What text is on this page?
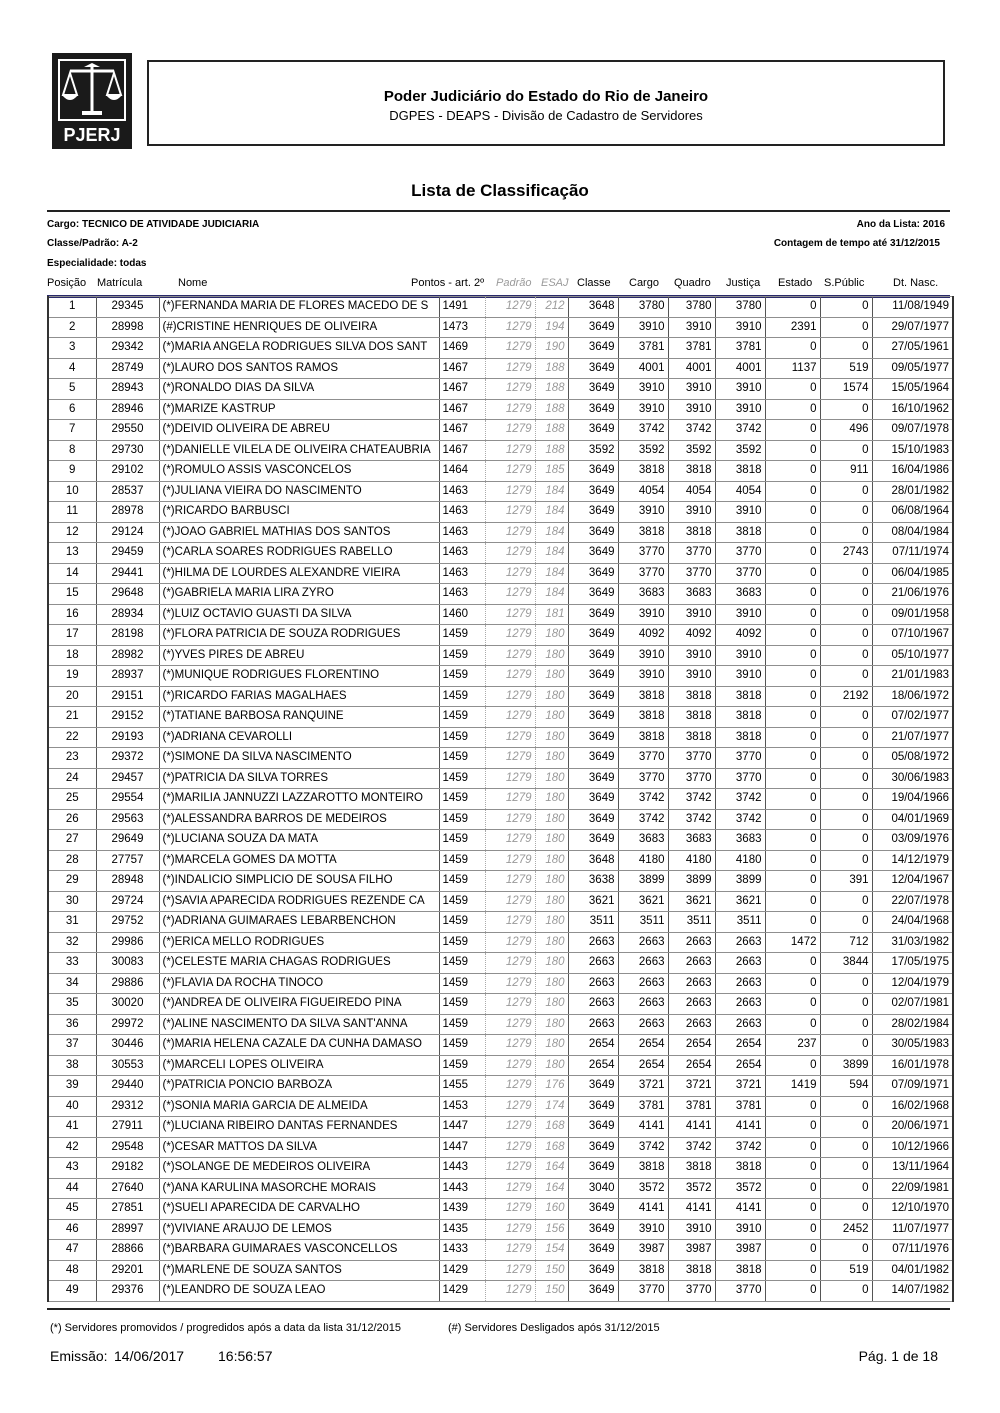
PJERJ
Poder Judiciário do Estado do Rio de Janeiro
DGPES - DEAPS - Divisão de Cadastro de Servidores
Lista de Classificação
Cargo: TECNICO DE ATIVIDADE JUDICIARIA	Ano da Lista: 2016
Classe/Padrão: A-2	Contagem de tempo até 31/12/2015
Especialidade: todas
Posição Matrícula	Nome	Pontos - art. 2º Padrão ESAJ Classe Cargo Quadro Justiça Estado S.Públic	Dt. Nasc.
1	29345	(*)FERNANDA MARIA DE FLORES MACEDO DE S	1491	1279	212	3648	3780	3780	3780	0	0	11/08/1949
2	28998	(#)CRISTINE HENRIQUES DE OLIVEIRA	1473	1279	194	3649	3910	3910	3910	2391	0	29/07/1977
3	29342	(*)MARIA ANGELA RODRIGUES SILVA DOS SANT	1469	1279	190	3649	3781	3781	3781	0	0	27/05/1961
4	28749	(*)LAURO DOS SANTOS RAMOS	1467	1279	188	3649	4001	4001	4001	1137	519	09/05/1977
5	28943	(*)RONALDO DIAS DA SILVA	1467	1279	188	3649	3910	3910	3910	0	1574	15/05/1964
6	28946	(*)MARIZE KASTRUP	1467	1279	188	3649	3910	3910	3910	0	0	16/10/1962
7	29550	(*)DEIVID OLIVEIRA DE ABREU	1467	1279	188	3649	3742	3742	3742	0	496	09/07/1978
8	29730	(*)DANIELLE VILELA DE OLIVEIRA CHATEAUBRIA	1467	1279	188	3592	3592	3592	3592	0	0	15/10/1983
9	29102	(*)ROMULO ASSIS VASCONCELOS	1464	1279	185	3649	3818	3818	3818	0	911	16/04/1986
10	28537	(*)JULIANA VIEIRA DO NASCIMENTO	1463	1279	184	3649	4054	4054	4054	0	0	28/01/1982
11	28978	(*)RICARDO BARBUSCI	1463	1279	184	3649	3910	3910	3910	0	0	06/08/1964
12	29124	(*)JOAO GABRIEL MATHIAS DOS SANTOS	1463	1279	184	3649	3818	3818	3818	0	0	08/04/1984
13	29459	(*)CARLA SOARES RODRIGUES RABELLO	1463	1279	184	3649	3770	3770	3770	0	2743	07/11/1974
14	29441	(*)HILMA DE LOURDES ALEXANDRE VIEIRA	1463	1279	184	3649	3770	3770	3770	0	0	06/04/1985
15	29648	(*)GABRIELA MARIA LIRA ZYRO	1463	1279	184	3649	3683	3683	3683	0	0	21/06/1976
16	28934	(*)LUIZ OCTAVIO GUASTI DA SILVA	1460	1279	181	3649	3910	3910	3910	0	0	09/01/1958
17	28198	(*)FLORA PATRICIA DE SOUZA RODRIGUES	1459	1279	180	3649	4092	4092	4092	0	0	07/10/1967
18	28982	(*)YVES PIRES DE ABREU	1459	1279	180	3649	3910	3910	3910	0	0	05/10/1977
19	28937	(*)MUNIQUE RODRIGUES FLORENTINO	1459	1279	180	3649	3910	3910	3910	0	0	21/01/1983
20	29151	(*)RICARDO FARIAS MAGALHAES	1459	1279	180	3649	3818	3818	3818	0	2192	18/06/1972
21	29152	(*)TATIANE BARBOSA RANQUINE	1459	1279	180	3649	3818	3818	3818	0	0	07/02/1977
22	29193	(*)ADRIANA CEVAROLLI	1459	1279	180	3649	3818	3818	3818	0	0	21/07/1977
23	29372	(*)SIMONE DA SILVA NASCIMENTO	1459	1279	180	3649	3770	3770	3770	0	0	05/08/1972
24	29457	(*)PATRICIA DA SILVA TORRES	1459	1279	180	3649	3770	3770	3770	0	0	30/06/1983
25	29554	(*)MARILIA JANNUZZI LAZZAROTTO MONTEIRO	1459	1279	180	3649	3742	3742	3742	0	0	19/04/1966
26	29563	(*)ALESSANDRA BARROS DE MEDEIROS	1459	1279	180	3649	3742	3742	3742	0	0	04/01/1969
27	29649	(*)LUCIANA SOUZA DA MATA	1459	1279	180	3649	3683	3683	3683	0	0	03/09/1976
28	27757	(*)MARCELA GOMES DA MOTTA	1459	1279	180	3648	4180	4180	4180	0	0	14/12/1979
29	28948	(*)INDALICIO SIMPLICIO DE SOUSA FILHO	1459	1279	180	3638	3899	3899	3899	0	391	12/04/1967
30	29724	(*)SAVIA APARECIDA RODRIGUES REZENDE CA	1459	1279	180	3621	3621	3621	3621	0	0	22/07/1978
31	29752	(*)ADRIANA GUIMARAES LEBARBENCHON	1459	1279	180	3511	3511	3511	3511	0	0	24/04/1968
32	29986	(*)ERICA MELLO RODRIGUES	1459	1279	180	2663	2663	2663	2663	1472	712	31/03/1982
33	30083	(*)CELESTE MARIA CHAGAS RODRIGUES	1459	1279	180	2663	2663	2663	2663	0	3844	17/05/1975
34	29886	(*)FLAVIA DA ROCHA TINOCO	1459	1279	180	2663	2663	2663	2663	0	0	12/04/1979
35	30020	(*)ANDREA DE OLIVEIRA FIGUEIREDO PINA	1459	1279	180	2663	2663	2663	2663	0	0	02/07/1981
36	29972	(*)ALINE NASCIMENTO DA SILVA SANT'ANNA	1459	1279	180	2663	2663	2663	2663	0	0	28/02/1984
37	30446	(*)MARIA HELENA CAZALE DA CUNHA DAMASO	1459	1279	180	2654	2654	2654	2654	237	0	30/05/1983
38	30553	(*)MARCELI LOPES OLIVEIRA	1459	1279	180	2654	2654	2654	2654	0	3899	16/01/1978
39	29440	(*)PATRICIA PONCIO BARBOZA	1455	1279	176	3649	3721	3721	3721	1419	594	07/09/1971
40	29312	(*)SONIA MARIA GARCIA DE ALMEIDA	1453	1279	174	3649	3781	3781	3781	0	0	16/02/1968
41	27911	(*)LUCIANA RIBEIRO DANTAS FERNANDES	1447	1279	168	3649	4141	4141	4141	0	0	20/06/1971
42	29548	(*)CESAR MATTOS DA SILVA	1447	1279	168	3649	3742	3742	3742	0	0	10/12/1966
43	29182	(*)SOLANGE DE MEDEIROS OLIVEIRA	1443	1279	164	3649	3818	3818	3818	0	0	13/11/1964
44	27640	(*)ANA KARULINA MASORCHE MORAIS	1443	1279	164	3040	3572	3572	3572	0	0	22/09/1981
45	27851	(*)SUELI APARECIDA DE CARVALHO	1439	1279	160	3649	4141	4141	4141	0	0	12/10/1970
46	28997	(*)VIVIANE ARAUJO DE LEMOS	1435	1279	156	3649	3910	3910	3910	0	2452	11/07/1977
47	28866	(*)BARBARA GUIMARAES VASCONCELLOS	1433	1279	154	3649	3987	3987	3987	0	0	07/11/1976
48	29201	(*)MARLENE DE SOUZA SANTOS	1429	1279	150	3649	3818	3818	3818	0	519	04/01/1982
49	29376	(*)LEANDRO DE SOUZA LEAO	1429	1279	150	3649	3770	3770	3770	0	0	14/07/1982
(*) Servidores promovidos / progredidos após a data da lista 31/12/2015	(#) Servidores Desligados após 31/12/2015
Emissão: 14/06/2017 16:56:57	Pág. 1 de 18
